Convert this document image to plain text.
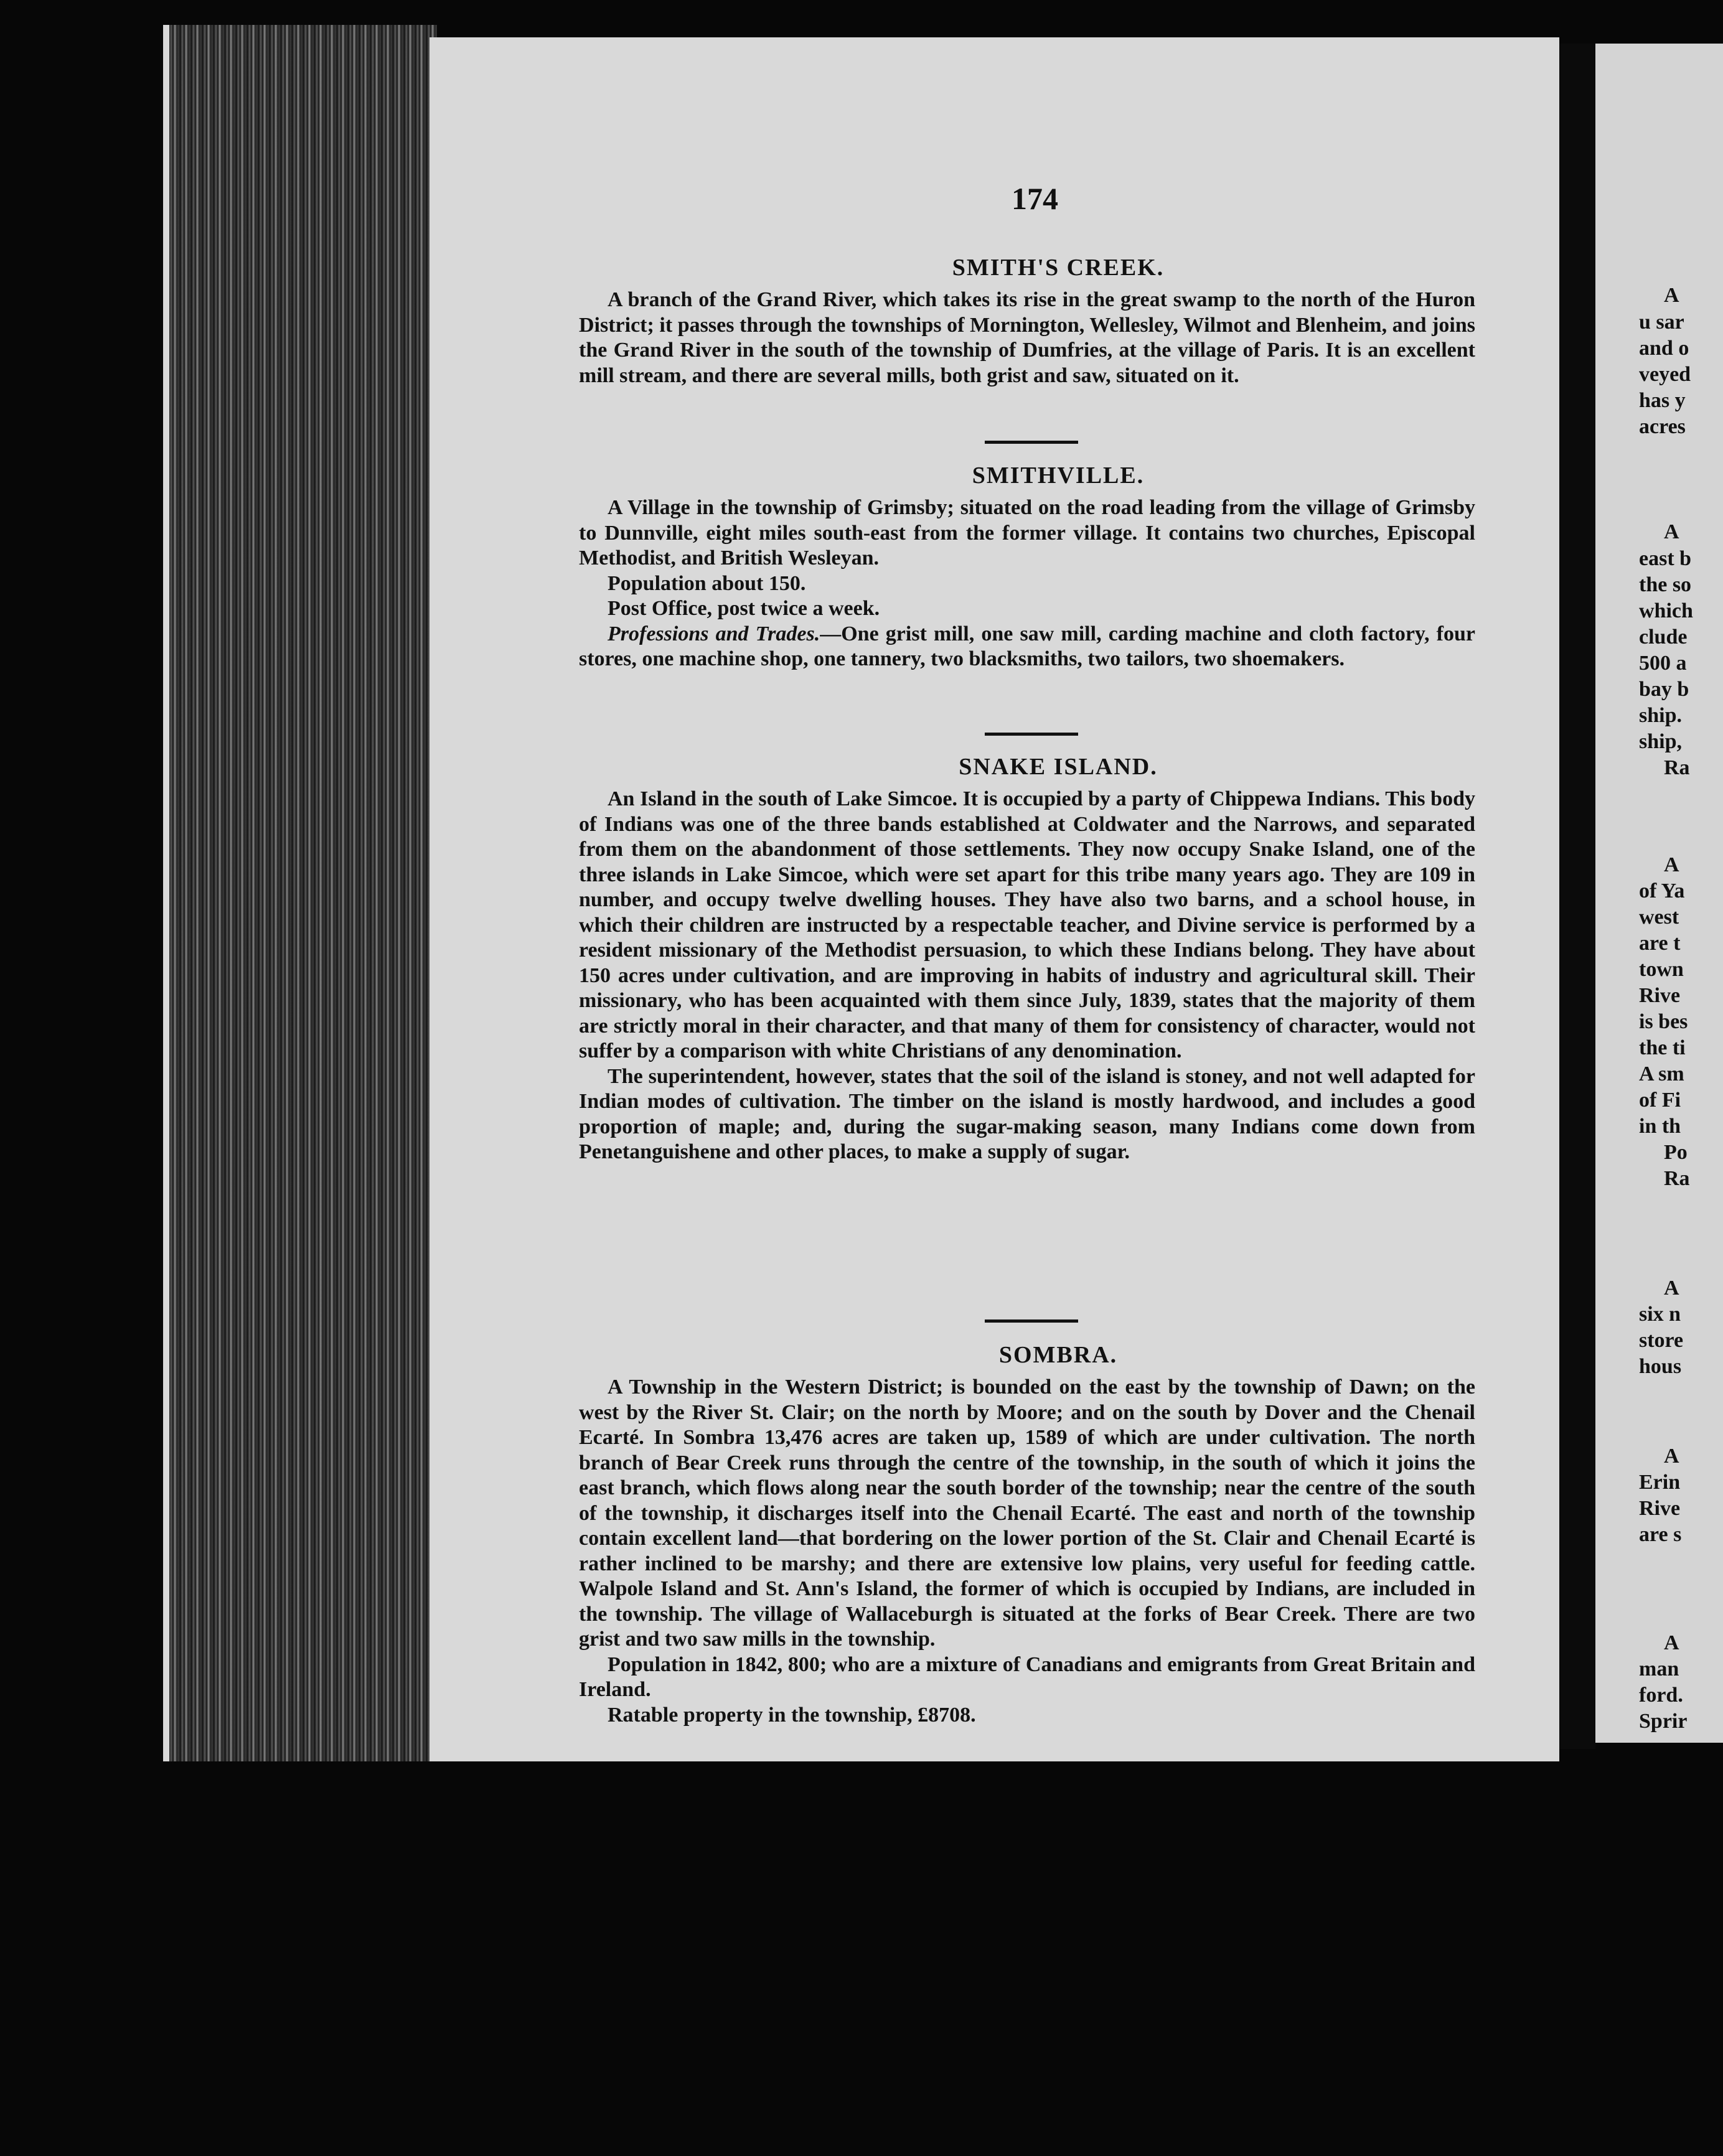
A
u sar
and o
veyed
has y
acres
A
east b
the so
which
clude
500 a
bay b
ship.
ship,
Ra
A
of Ya
west
are t
town
Rive
is bes
the ti
A sm
of Fi
in th
Po
Ra
A
six n
store
hous
A
Erin
Rive
are s
A
man
ford.
Sprir
174
SMITH'S CREEK.

A branch of the Grand River, which takes its rise in the great swamp to the north of the Huron District; it passes through the townships of Mornington, Wellesley, Wilmot and Blenheim, and joins the Grand River in the south of the township of Dumfries, at the village of Paris. It is an excellent mill stream, and there are several mills, both grist and saw, situated on it.

SMITHVILLE.

A Village in the township of Grimsby; situated on the road leading from the village of Grimsby to Dunnville, eight miles south-east from the former village. It contains two churches, Episcopal Methodist, and British Wesleyan.

Population about 150.

Post Office, post twice a week.

Professions and Trades.—One grist mill, one saw mill, carding machine and cloth factory, four stores, one machine shop, one tannery, two blacksmiths, two tailors, two shoemakers.

SNAKE ISLAND.

An Island in the south of Lake Simcoe. It is occupied by a party of Chippewa Indians. This body of Indians was one of the three bands established at Coldwater and the Narrows, and separated from them on the abandonment of those settlements. They now occupy Snake Island, one of the three islands in Lake Simcoe, which were set apart for this tribe many years ago. They are 109 in number, and occupy twelve dwelling houses. They have also two barns, and a school house, in which their children are instructed by a respectable teacher, and Divine service is performed by a resident missionary of the Methodist persuasion, to which these Indians belong. They have about 150 acres under cultivation, and are improving in habits of industry and agricultural skill. Their missionary, who has been acquainted with them since July, 1839, states that the majority of them are strictly moral in their character, and that many of them for consistency of character, would not suffer by a comparison with white Christians of any denomination.

The superintendent, however, states that the soil of the island is stoney, and not well adapted for Indian modes of cultivation. The timber on the island is mostly hardwood, and includes a good proportion of maple; and, during the sugar-making season, many Indians come down from Penetanguishene and other places, to make a supply of sugar.

SOMBRA.

A Township in the Western District; is bounded on the east by the township of Dawn; on the west by the River St. Clair; on the north by Moore; and on the south by Dover and the Chenail Ecarté. In Sombra 13,476 acres are taken up, 1589 of which are under cultivation. The north branch of Bear Creek runs through the centre of the township, in the south of which it joins the east branch, which flows along near the south border of the township; near the centre of the south of the township, it discharges itself into the Chenail Ecarté. The east and north of the township contain excellent land—that bordering on the lower portion of the St. Clair and Chenail Ecarté is rather inclined to be marshy; and there are extensive low plains, very useful for feeding cattle. Walpole Island and St. Ann's Island, the former of which is occupied by Indians, are included in the township. The village of Wallaceburgh is situated at the forks of Bear Creek. There are two grist and two saw mills in the township.

Population in 1842, 800; who are a mixture of Canadians and emigrants from Great Britain and Ireland.

Ratable property in the township, £8708.
